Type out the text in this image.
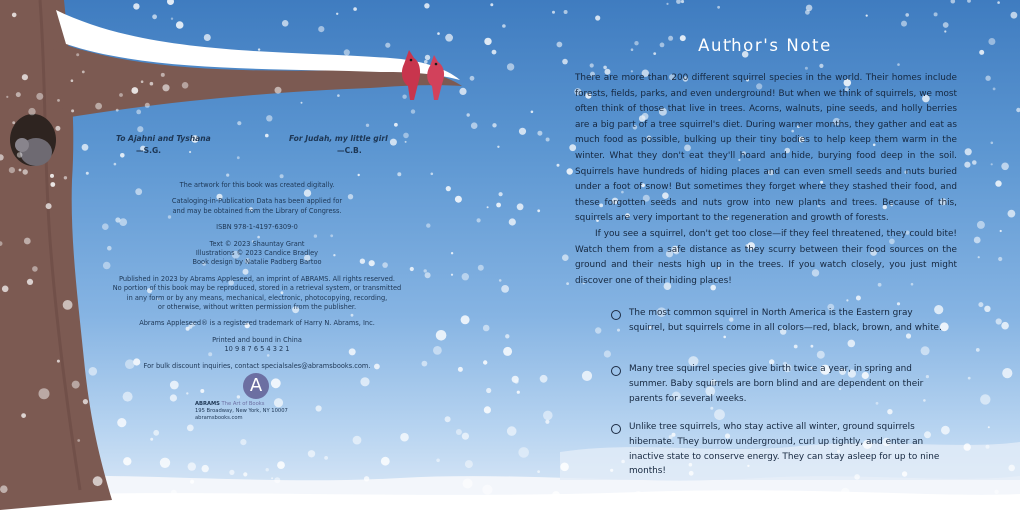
To Ajahni and Tyshana
—S.G.
For Judah, my little girl
—C.B.
The artwork for this book was created digitally.
Cataloging-in-Publication Data has been applied for
and may be obtained from the Library of Congress.
ISBN 978-1-4197-6309-0
Text © 2023 Shauntay Grant
Illustrations © 2023 Candice Bradley
Book design by Natalie Padberg Bartoo
Published in 2023 by Abrams Appleseed, an imprint of ABRAMS. All rights reserved.
No portion of this book may be reproduced, stored in a retrieval system, or transmitted
in any form or by any means, mechanical, electronic, photocopying, recording,
or otherwise, without written permission from the publisher.
Abrams Appleseed® is a registered trademark of Harry N. Abrams, Inc.
Printed and bound in China
10 9 8 7 6 5 4 3 2 1
For bulk discount inquiries, contact specialsales@abramsbooks.com.
A
ABRAMS The Art of Books
195 Broadway, New York, NY 10007
abramsbooks.com
Author's Note

There are more than 200 different squirrel species in the world. Their homes include forests, fields, parks, and even underground! But when we think of squirrels, we most often think of those that live in trees. Acorns, walnuts, pine seeds, and holly berries are a big part of a tree squirrel's diet. During warmer months, they gather and eat as much food as possible, bulking up their tiny bodies to help keep them warm in the winter. What they don't eat they'll hoard and hide, burying food deep in the soil. Squirrels have hundreds of hiding places and can even smell seeds and nuts buried under a foot of snow! But sometimes they forget where they stashed their food, and these forgotten seeds and nuts grow into new plants and trees. Because of this, squirrels are very important to the regeneration and growth of forests.

If you see a squirrel, don't get too close—if they feel threatened, they could bite! Watch them from a safe distance as they scurry between their food sources on the ground and their nests high up in the trees. If you watch closely, you just might discover one of their hiding places!

The most common squirrel in North America is the Eastern gray squirrel, but squirrels come in all colors—red, black, brown, and white.
Many tree squirrel species give birth twice a year, in spring and summer. Baby squirrels are born blind and are dependent on their parents for several weeks.
Unlike tree squirrels, who stay active all winter, ground squirrels hibernate. They burrow underground, curl up tightly, and enter an inactive state to conserve energy. They can stay asleep for up to nine months!
